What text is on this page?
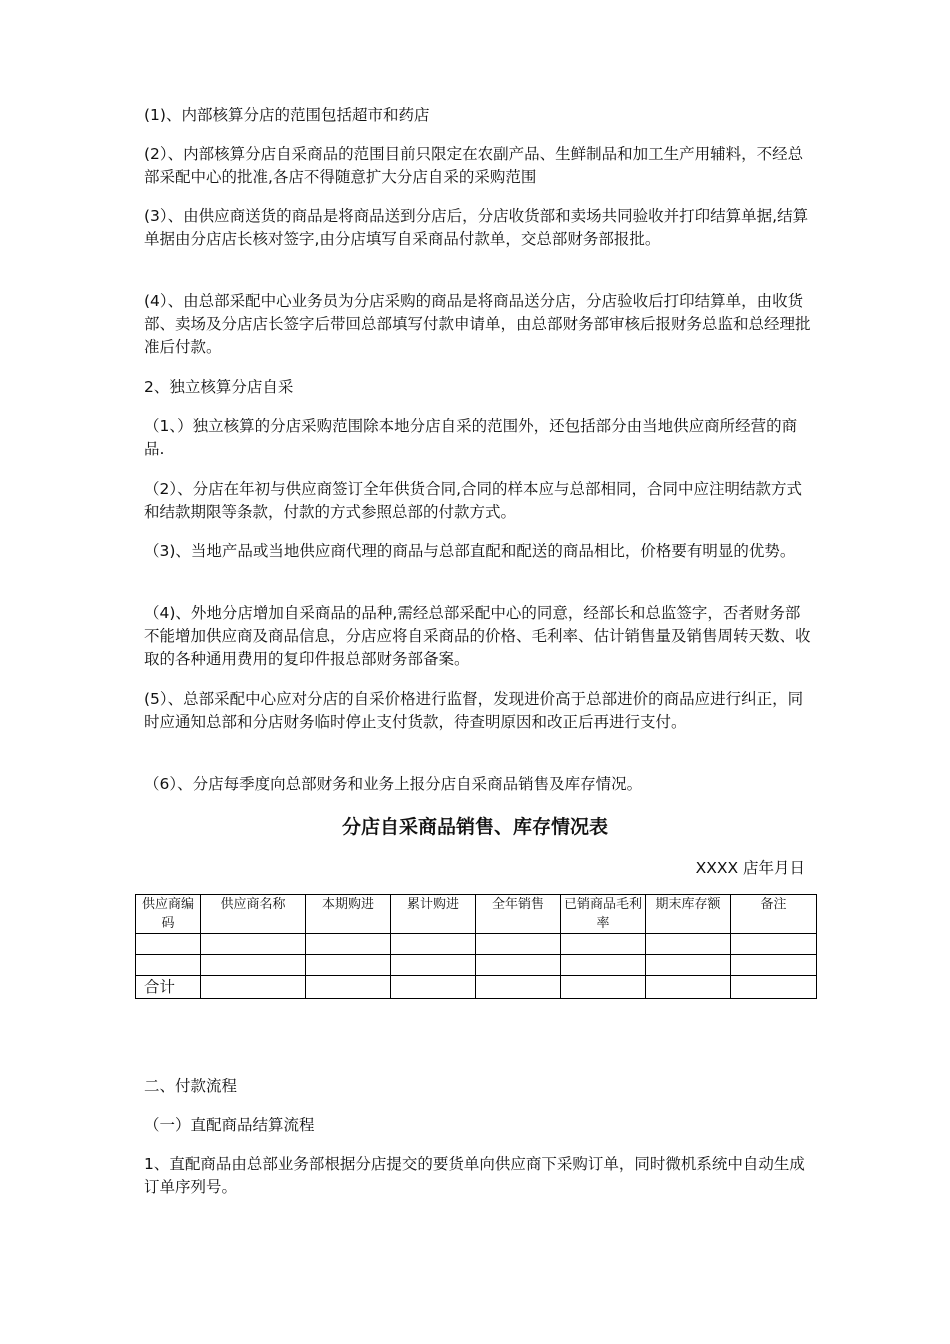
(1)、内部核算分店的范围包括超市和药店

(2）、内部核算分店自采商品的范围目前只限定在农副产品、生鲜制品和加工生产用辅料，不经总部采配中心的批准,各店不得随意扩大分店自采的采购范围

(3）、由供应商送货的商品是将商品送到分店后，分店收货部和卖场共同验收并打印结算单据,结算单据由分店店长核对签字,由分店填写自采商品付款单，交总部财务部报批。

(4）、由总部采配中心业务员为分店采购的商品是将商品送分店，分店验收后打印结算单，由收货部、卖场及分店店长签字后带回总部填写付款申请单，由总部财务部审核后报财务总监和总经理批准后付款。

2、独立核算分店自采

（1、）独立核算的分店采购范围除本地分店自采的范围外，还包括部分由当地供应商所经营的商品.

（2）、分店在年初与供应商签订全年供货合同,合同的样本应与总部相同，合同中应注明结款方式和结款期限等条款，付款的方式参照总部的付款方式。

（3)、当地产品或当地供应商代理的商品与总部直配和配送的商品相比，价格要有明显的优势。

（4)、外地分店增加自采商品的品种,需经总部采配中心的同意，经部长和总监签字，否者财务部不能增加供应商及商品信息，分店应将自采商品的价格、毛利率、估计销售量及销售周转天数、收取的各种通用费用的复印件报总部财务部备案。

(5）、总部采配中心应对分店的自采价格进行监督，发现进价高于总部进价的商品应进行纠正，同时应通知总部和分店财务临时停止支付货款，待查明原因和改正后再进行支付。

（6）、分店每季度向总部财务和业务上报分店自采商品销售及库存情况。

分店自采商品销售、库存情况表
XXXX 店年月日
供应商编码	供应商名称	本期购进	累计购进	全年销售	已销商品毛利率	期末库存额	备注

合计							

二、付款流程

（一）直配商品结算流程

1、直配商品由总部业务部根据分店提交的要货单向供应商下采购订单，同时微机系统中自动生成订单序列号。
